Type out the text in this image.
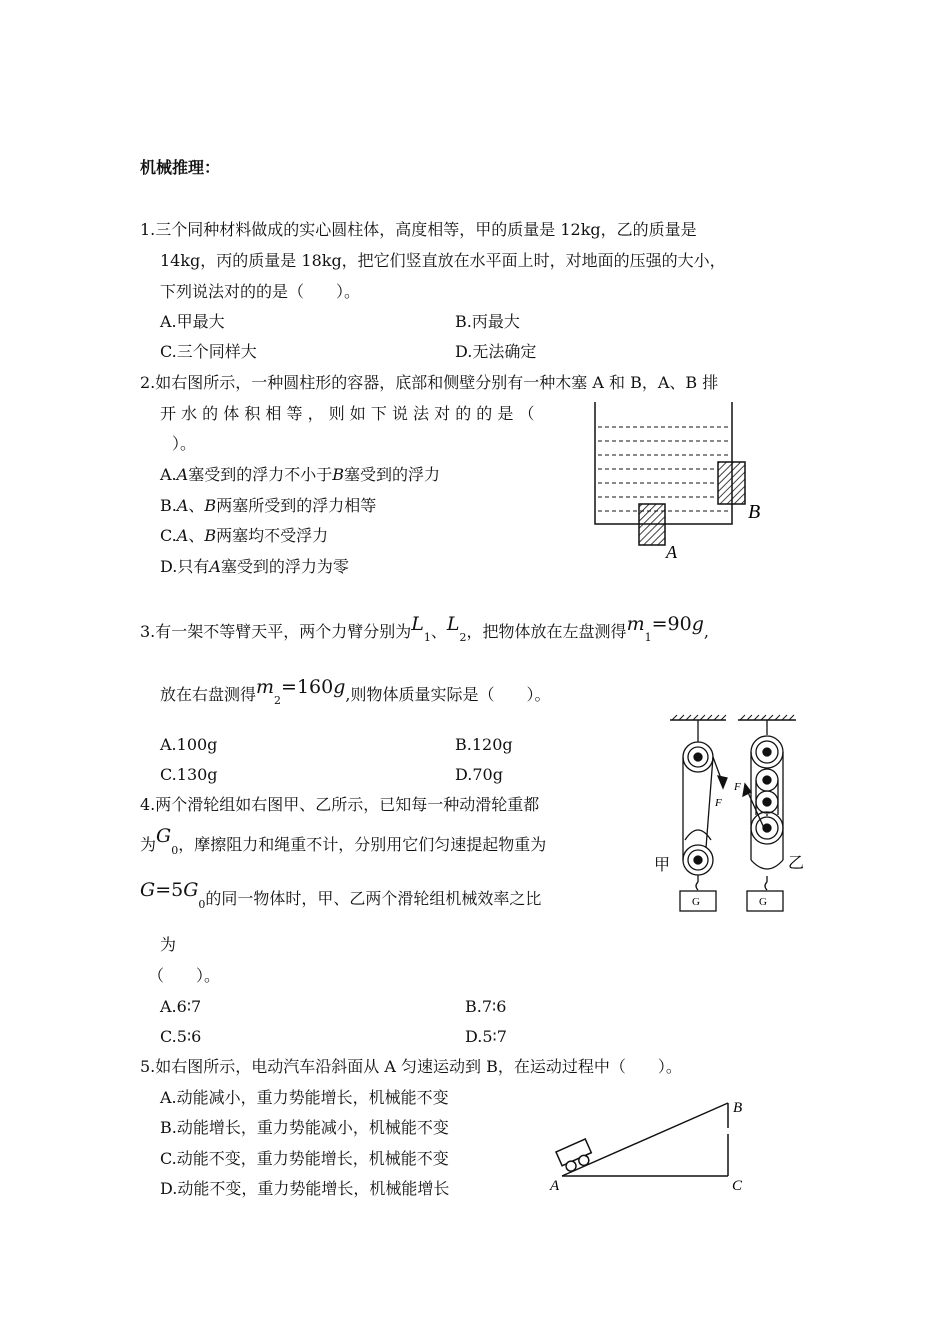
机械推理：
1.三个同种材料做成的实心圆柱体，高度相等，甲的质量是 12kg，乙的质量是
14kg，丙的质量是 18kg，把它们竖直放在水平面上时，对地面的压强的大小，
下列说法对的的是（　　）。
A.甲最大	B.丙最大
C.三个同样大	D.无法确定
2.如右图所示，一种圆柱形的容器，底部和侧壁分别有一种木塞 A 和 B，A、B 排
开 水 的 体 积 相 等 ， 则 如 下 说 法 对 的 的 是 （
）。
A.A塞受到的浮力不小于B塞受到的浮力
B.A、B两塞所受到的浮力相等
C.A、B两塞均不受浮力
D.只有A塞受到的浮力为零
A
B
3.有一架不等臂天平，两个力臂分别为$L_1$、$L_2$，把物体放在左盘测得$m_1=90g$,
放在右盘测得$m_2=160g$,则物体质量实际是（　　）。
A.100g	B.120g
C.130g	D.70g
4.两个滑轮组如右图甲、乙所示，已知每一种动滑轮重都
为$G_0$，摩擦阻力和绳重不计，分别用它们匀速提起物重为
$G=5G_0$的同一物体时，甲、乙两个滑轮组机械效率之比
为
（　　）。
A.6∶7	B.7∶6
C.5∶6	D.5∶7
F
G
甲
F
G
乙
5.如右图所示，电动汽车沿斜面从 A 匀速运动到 B，在运动过程中（　　）。
A.动能减小，重力势能增长，机械能不变
B.动能增长，重力势能减小，机械能不变
C.动能不变，重力势能增长，机械能不变
D.动能不变，重力势能增长，机械能增长	A
B
C
